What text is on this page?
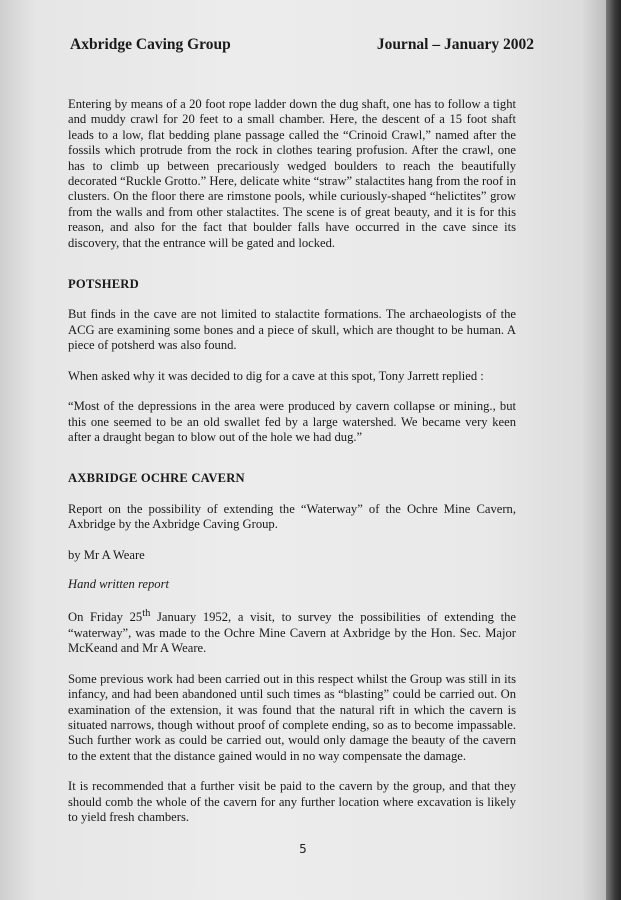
Axbridge Caving Group	Journal – January 2002

Entering by means of a 20 foot rope ladder down the dug shaft, one has to follow a tight and muddy crawl for 20 feet to a small chamber. Here, the descent of a 15 foot shaft leads to a low, flat bedding plane passage called the “Crinoid Crawl,” named after the fossils which protrude from the rock in clothes tearing profusion. After the crawl, one has to climb up between precariously wedged boulders to reach the beautifully decorated “Ruckle Grotto.” Here, delicate white “straw” stalactites hang from the roof in clusters. On the floor there are rimstone pools, while curiously-shaped “helictites” grow from the walls and from other stalactites. The scene is of great beauty, and it is for this reason, and also for the fact that boulder falls have occurred in the cave since its discovery, that the entrance will be gated and locked.

POTSHERD

But finds in the cave are not limited to stalactite formations. The archaeologists of the ACG are examining some bones and a piece of skull, which are thought to be human. A piece of potsherd was also found.

When asked why it was decided to dig for a cave at this spot, Tony Jarrett replied :

“Most of the depressions in the area were produced by cavern collapse or mining., but this one seemed to be an old swallet fed by a large watershed. We became very keen after a draught began to blow out of the hole we had dug.”

AXBRIDGE OCHRE CAVERN

Report on the possibility of extending the “Waterway” of the Ochre Mine Cavern, Axbridge by the Axbridge Caving Group.

by Mr A Weare

Hand written report

On Friday 25th January 1952, a visit, to survey the possibilities of extending the “waterway”, was made to the Ochre Mine Cavern at Axbridge by the Hon. Sec. Major McKeand and Mr A Weare.

Some previous work had been carried out in this respect whilst the Group was still in its infancy, and had been abandoned until such times as “blasting” could be carried out. On examination of the extension, it was found that the natural rift in which the cavern is situated narrows, though without proof of complete ending, so as to become impassable. Such further work as could be carried out, would only damage the beauty of the cavern to the extent that the distance gained would in no way compensate the damage.

It is recommended that a further visit be paid to the cavern by the group, and that they should comb the whole of the cavern for any further location where excavation is likely to yield fresh chambers.

5
